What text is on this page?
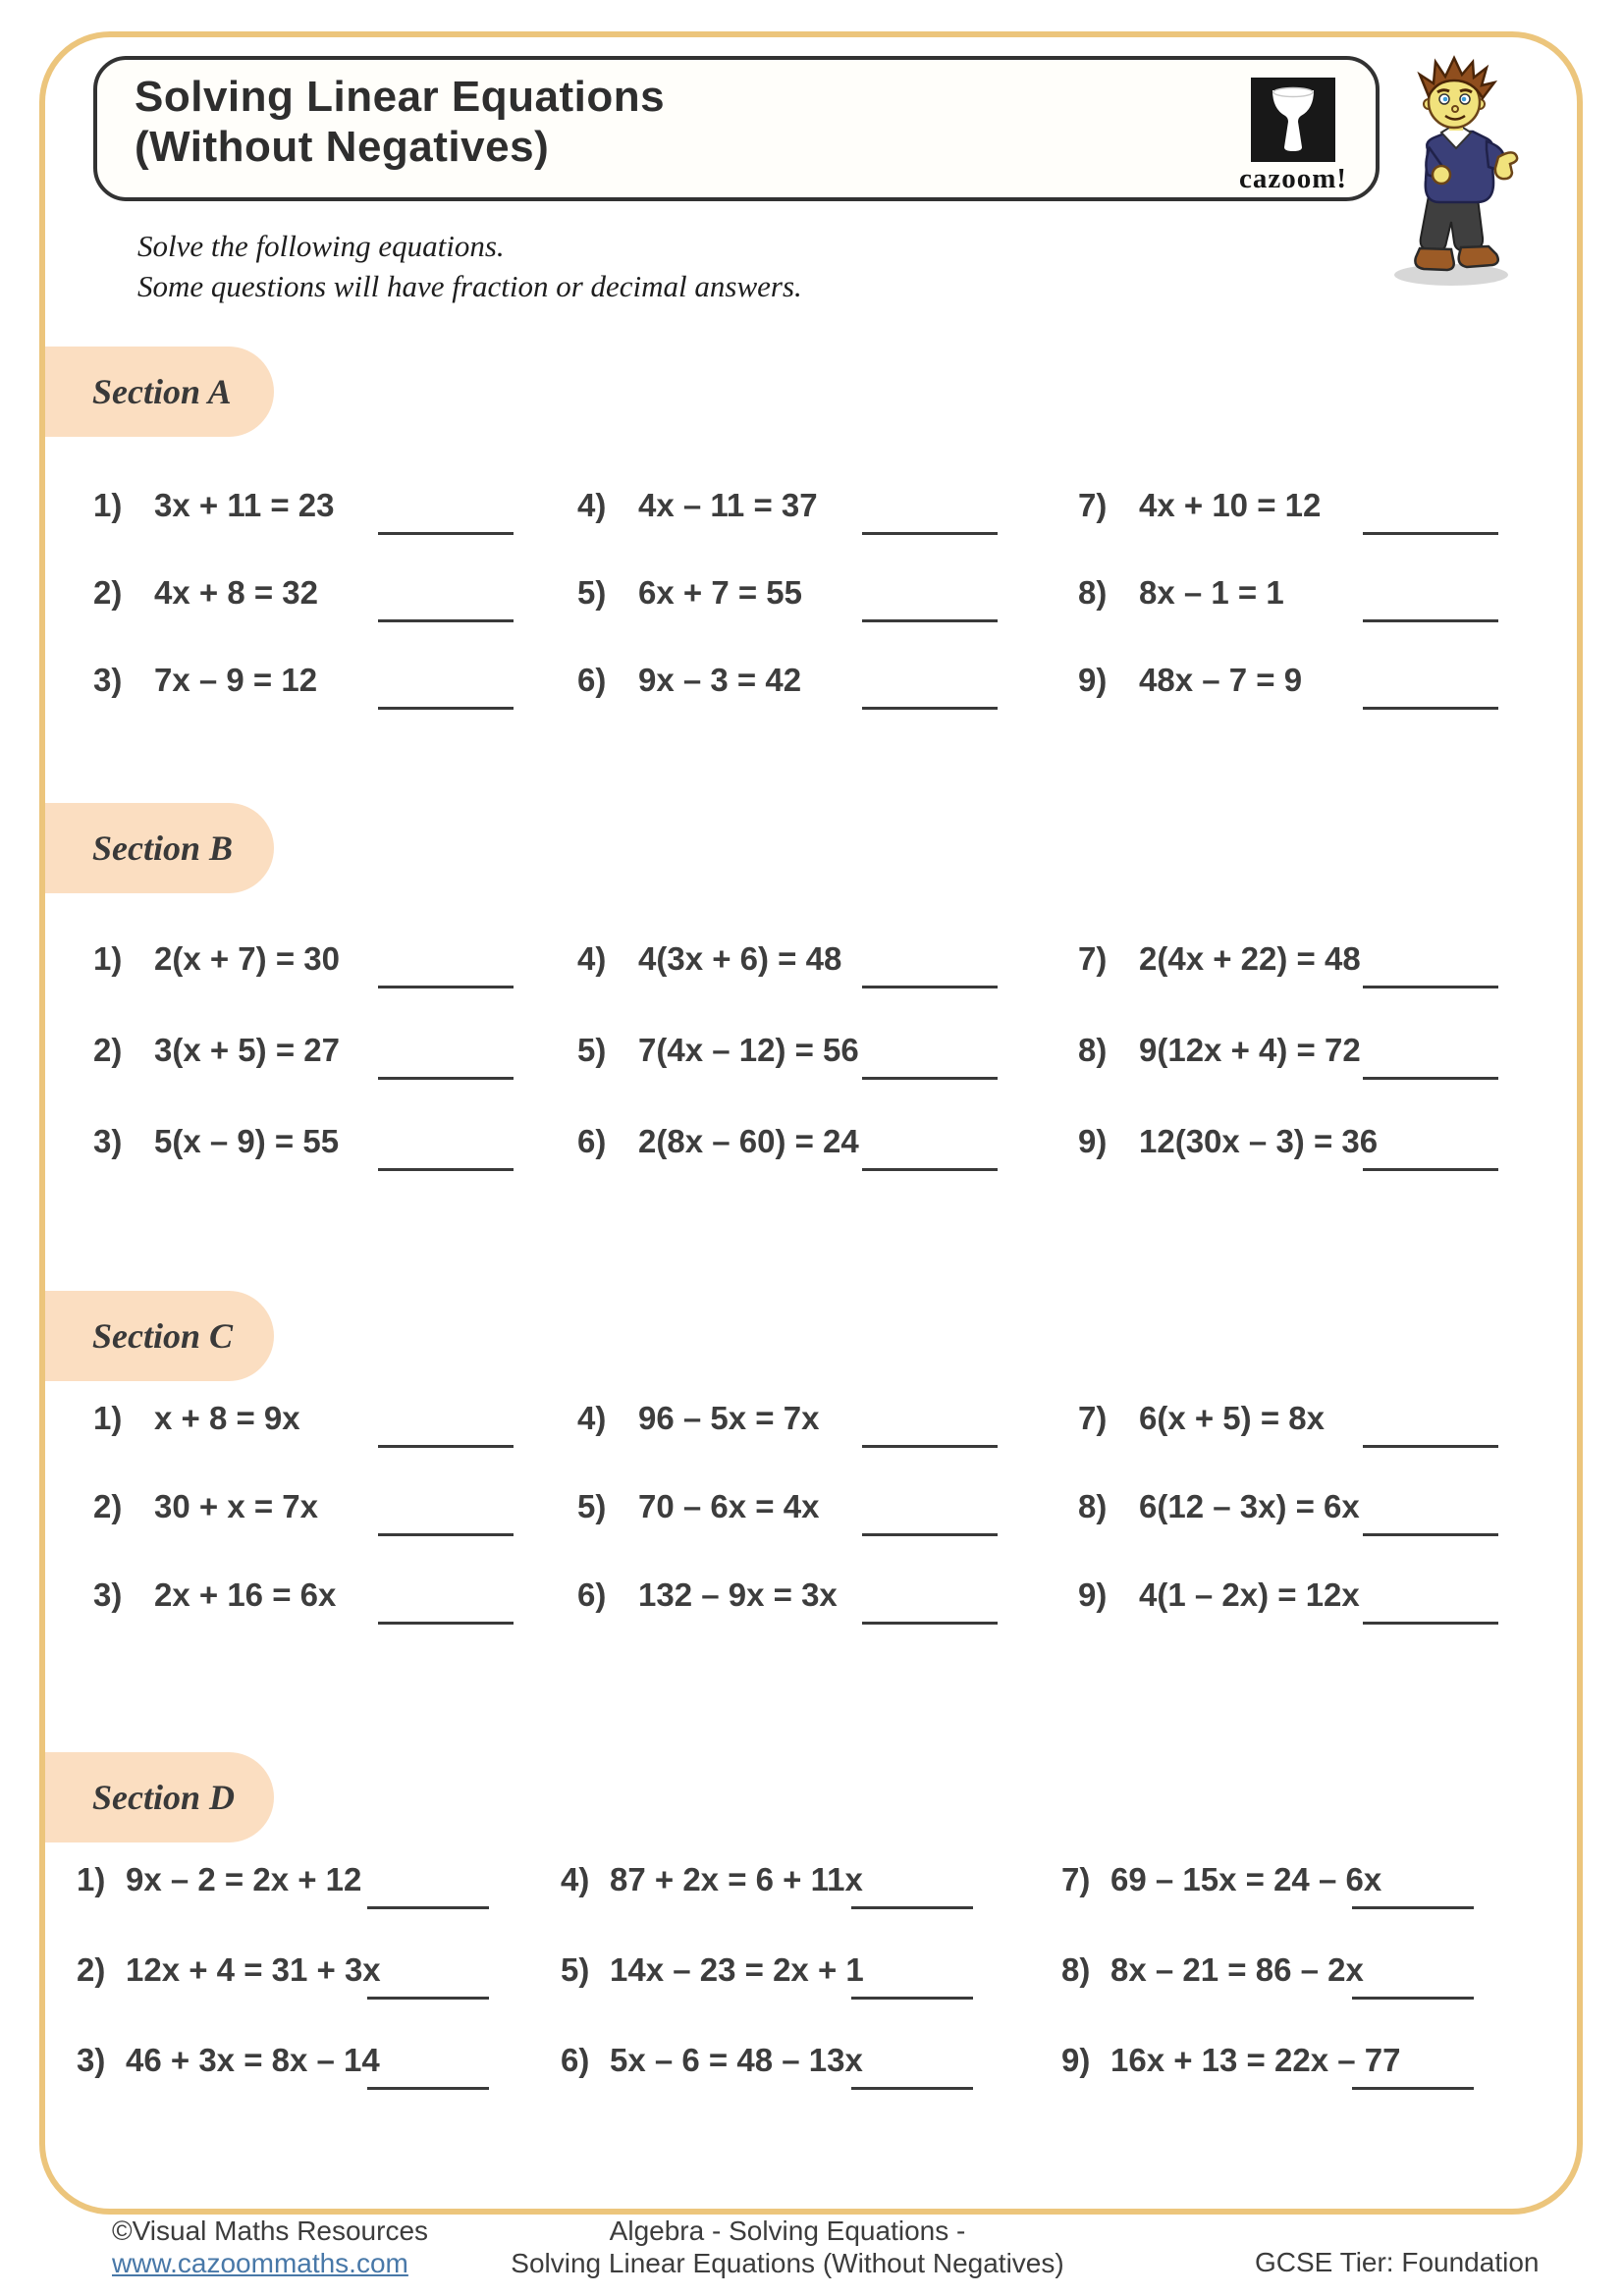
Solving Linear Equations
(Without Negatives)
cazoom!
Solve the following equations.
Some questions will have fraction or decimal answers.
Section A
1) 3x + 11 = 23	4) 4x – 11 = 37	7) 4x + 10 = 12
2) 4x + 8 = 32	5) 6x + 7 = 55	8) 8x – 1 = 1
3) 7x – 9 = 12	6) 9x – 3 = 42	9) 48x – 7 = 9
Section B
1) 2(x + 7) = 30	4) 4(3x + 6) = 48	7) 2(4x + 22) = 48
2) 3(x + 5) = 27	5) 7(4x – 12) = 56	8) 9(12x + 4) = 72
3) 5(x – 9) = 55	6) 2(8x – 60) = 24	9) 12(30x – 3) = 36
Section C
1) x + 8 = 9x	4) 96 – 5x = 7x	7) 6(x + 5) = 8x
2) 30 + x = 7x	5) 70 – 6x = 4x	8) 6(12 – 3x) = 6x
3) 2x + 16 = 6x	6) 132 – 9x = 3x	9) 4(1 – 2x) = 12x
Section D
1) 9x – 2 = 2x + 12	4) 87 + 2x = 6 + 11x	7) 69 – 15x = 24 – 6x
2) 12x + 4 = 31 + 3x	5) 14x – 23 = 2x + 1	8) 8x – 21 = 86 – 2x
3) 46 + 3x = 8x – 14	6) 5x – 6 = 48 – 13x	9) 16x + 13 = 22x – 77
©Visual Maths Resources
www.cazoommaths.com
Algebra - Solving Equations -
Solving Linear Equations (Without Negatives)	GCSE Tier: Foundation
